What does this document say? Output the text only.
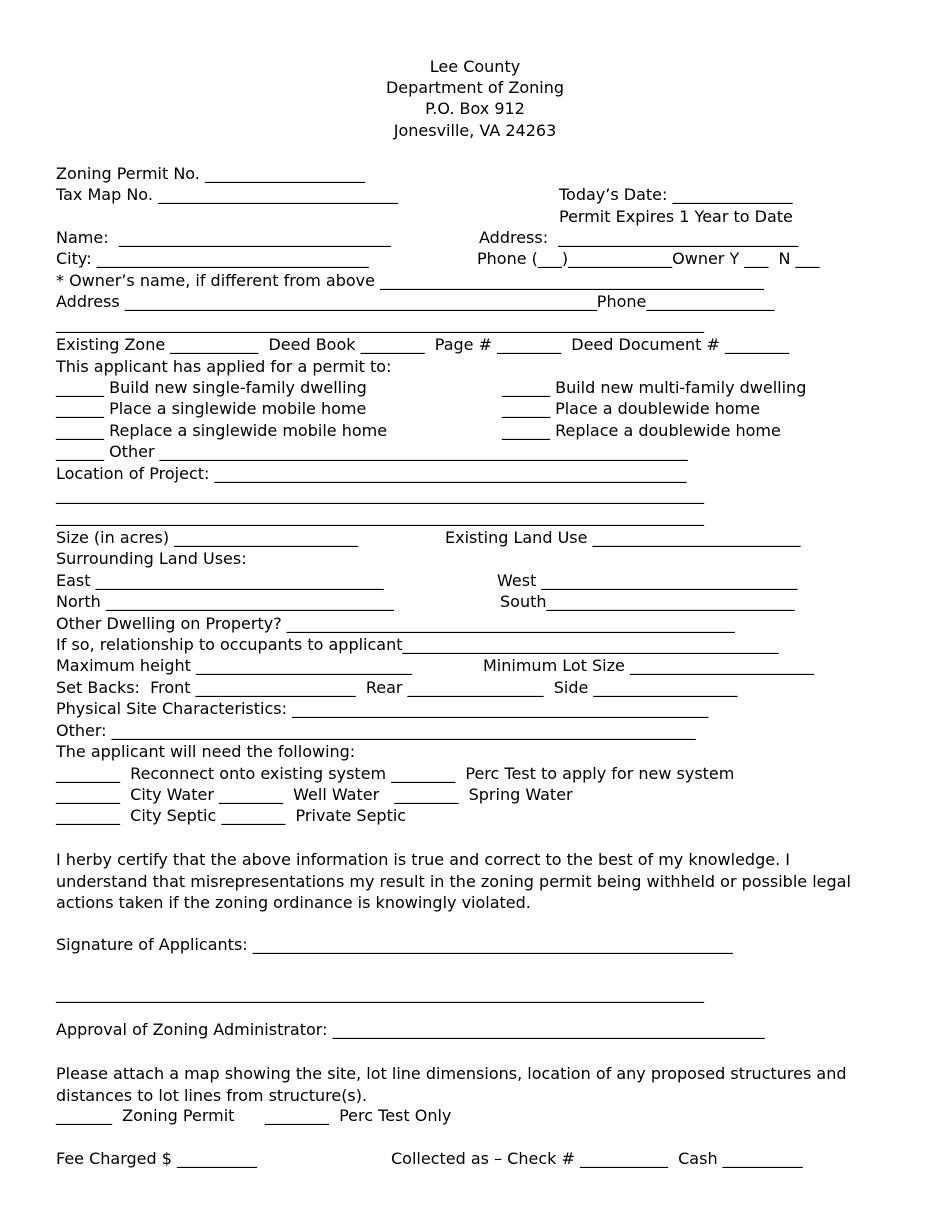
Lee County
Department of Zoning
P.O. Box 912
Jonesville, VA 24263
Zoning Permit No. ____________________
Tax Map No. ______________________________	Today’s Date: _______________
Permit Expires 1 Year to Date
Name:  __________________________________	Address:  ______________________________
City: __________________________________	Phone (___)_____________Owner Y ___  N ___
* Owner’s name, if different from above ________________________________________________
Address ___________________________________________________________Phone________________
_________________________________________________________________________________
Existing Zone ___________  Deed Book ________  Page # ________  Deed Document # ________
This applicant has applied for a permit to:
______ Build new single-family dwelling	______ Build new multi-family dwelling
______ Place a singlewide mobile home	______ Place a doublewide home
______ Replace a singlewide mobile home	______ Replace a doublewide home
______ Other __________________________________________________________________
Location of Project: ___________________________________________________________
_________________________________________________________________________________
_________________________________________________________________________________
Size (in acres) _______________________	Existing Land Use __________________________
Surrounding Land Uses:
East ____________________________________	West ________________________________
North ____________________________________	South_______________________________
Other Dwelling on Property? ________________________________________________________
If so, relationship to occupants to applicant_______________________________________________
Maximum height ___________________________	Minimum Lot Size _______________________
Set Backs:  Front ____________________  Rear _________________  Side __________________
Physical Site Characteristics: ____________________________________________________
Other: _________________________________________________________________________
The applicant will need the following:
________  Reconnect onto existing system ________  Perc Test to apply for new system
________  City Water ________  Well Water   ________  Spring Water
________  City Septic ________  Private Septic
I herby certify that the above information is true and correct to the best of my knowledge. I understand that misrepresentations my result in the zoning permit being withheld or possible legal actions taken if the zoning ordinance is knowingly violated.
Signature of Applicants: ____________________________________________________________
_________________________________________________________________________________
Approval of Zoning Administrator: ______________________________________________________
Please attach a map showing the site, lot line dimensions, location of any proposed structures and distances to lot lines from structure(s).
_______  Zoning Permit      ________  Perc Test Only
Fee Charged $ __________	Collected as – Check # ___________  Cash __________
